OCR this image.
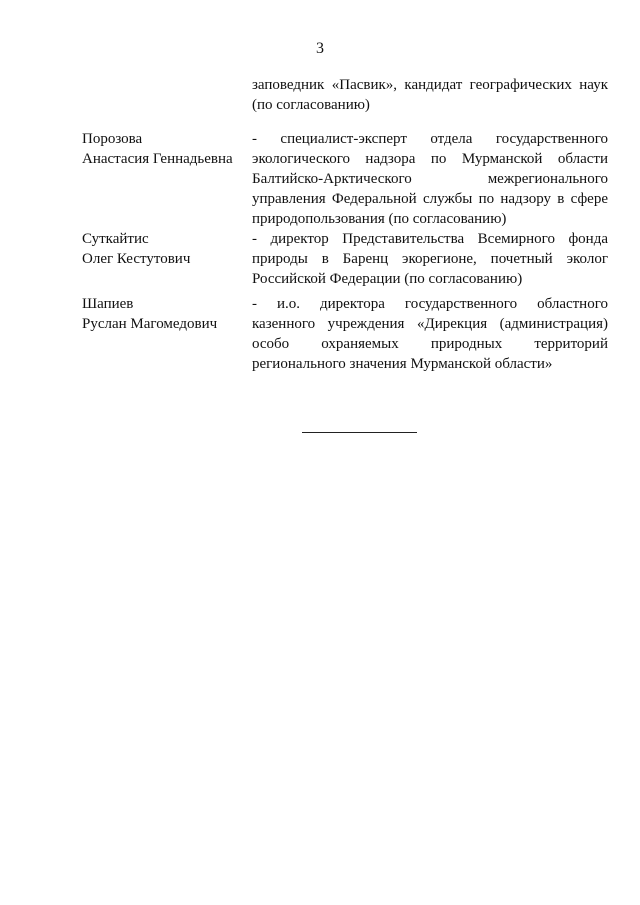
3
заповедник «Пасвик», кандидат географических наук
(по согласованию)
Порозова
Анастасия Геннадьевна
- специалист-эксперт отдела государственного
экологического надзора по Мурманской области
Балтийско-Арктического межрегионального
управления Федеральной службы по надзору в сфере
природопользования (по согласованию)
Суткайтис
Олег Кестутович
- директор Представительства Всемирного фонда
природы в Баренц экорегионе, почетный эколог
Российской Федерации (по согласованию)
Шапиев
Руслан Магомедович
- и.о. директора государственного областного
казенного учреждения «Дирекция (администрация)
особо охраняемых природных территорий
регионального значения Мурманской области»
